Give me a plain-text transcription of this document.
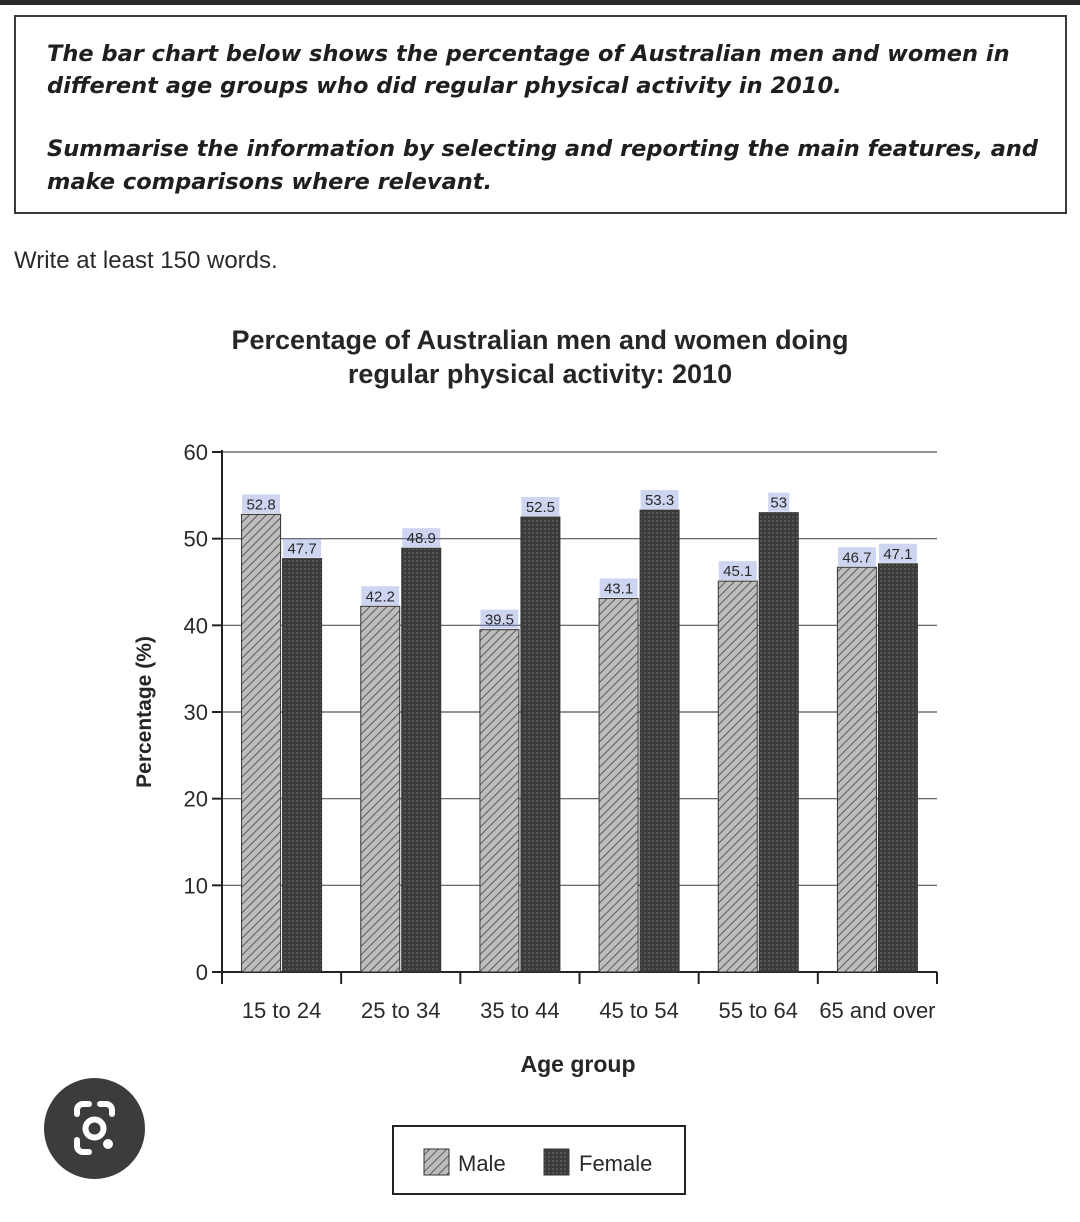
The bar chart below shows the percentage of Australian men and women in

different age groups who did regular physical activity in 2010.

Summarise the information by selecting and reporting the main features, and

make comparisons where relevant.

Write at least 150 words.

Percentage of Australian men and women doing

regular physical activity: 2010

0
10
20
30
40
50
60
52.8
47.7
15 to 24
42.2
48.9
25 to 34
39.5
52.5
35 to 44
43.1
53.3
45 to 54
45.1
53
55 to 64
46.7 47.1
65 and over
Age group
Percentage (%)
Male	Female
